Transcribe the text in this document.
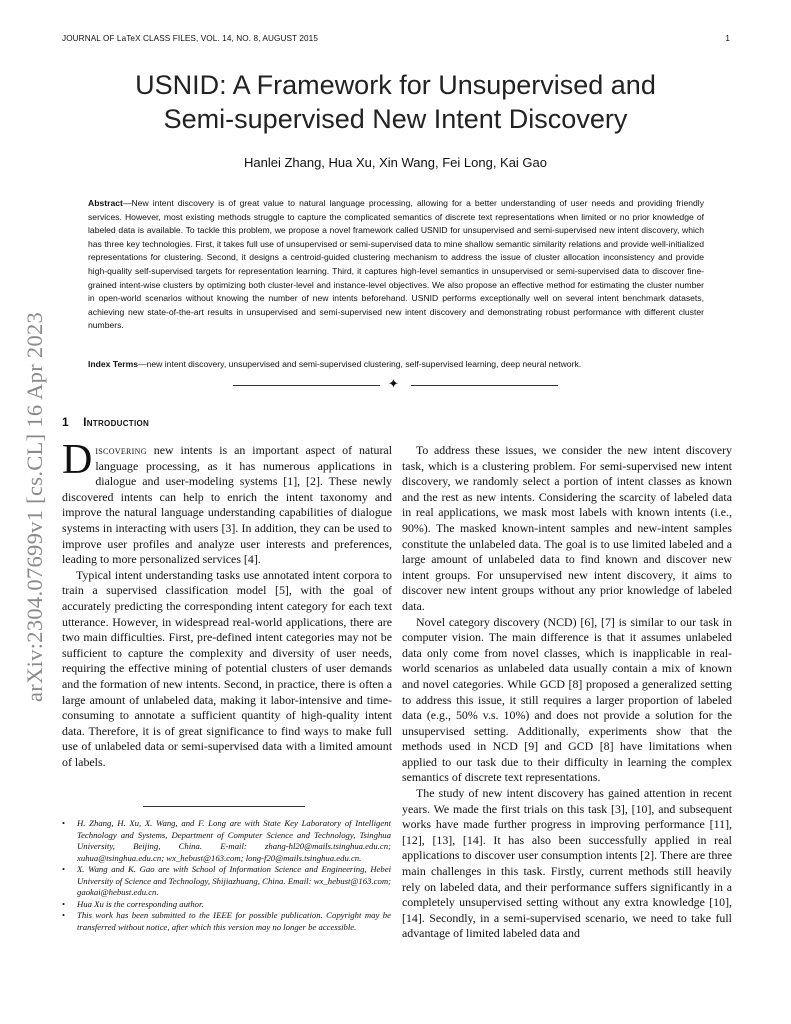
JOURNAL OF LaTeX CLASS FILES, VOL. 14, NO. 8, AUGUST 2015	1
arXiv:2304.07699v1 [cs.CL] 16 Apr 2023
USNID: A Framework for Unsupervised and
Semi-supervised New Intent Discovery
Hanlei Zhang, Hua Xu, Xin Wang, Fei Long, Kai Gao
Abstract—New intent discovery is of great value to natural language processing, allowing for a better understanding of user needs and providing friendly services. However, most existing methods struggle to capture the complicated semantics of discrete text representations when limited or no prior knowledge of labeled data is available. To tackle this problem, we propose a novel framework called USNID for unsupervised and semi-supervised new intent discovery, which has three key technologies. First, it takes full use of unsupervised or semi-supervised data to mine shallow semantic similarity relations and provide well-initialized representations for clustering. Second, it designs a centroid-guided clustering mechanism to address the issue of cluster allocation inconsistency and provide high-quality self-supervised targets for representation learning. Third, it captures high-level semantics in unsupervised or semi-supervised data to discover fine-grained intent-wise clusters by optimizing both cluster-level and instance-level objectives. We also propose an effective method for estimating the cluster number in open-world scenarios without knowing the number of new intents beforehand. USNID performs exceptionally well on several intent benchmark datasets, achieving new state-of-the-art results in unsupervised and semi-supervised new intent discovery and demonstrating robust performance with different cluster numbers.
Index Terms—new intent discovery, unsupervised and semi-supervised clustering, self-supervised learning, deep neural network.
✦
1 Introduction

Discovering new intents is an important aspect of natural language processing, as it has numerous applications in dialogue and user-modeling systems [1], [2]. These newly discovered intents can help to enrich the intent taxonomy and improve the natural language understanding capabilities of dialogue systems in interacting with users [3]. In addition, they can be used to improve user profiles and analyze user interests and preferences, leading to more personalized services [4].

Typical intent understanding tasks use annotated intent corpora to train a supervised classification model [5], with the goal of accurately predicting the corresponding intent category for each text utterance. However, in widespread real-world applications, there are two main difficulties. First, pre-defined intent categories may not be sufficient to capture the complexity and diversity of user needs, requiring the effective mining of potential clusters of user demands and the formation of new intents. Second, in practice, there is often a large amount of unlabeled data, making it labor-intensive and time-consuming to annotate a sufficient quantity of high-quality intent data. Therefore, it is of great significance to find ways to make full use of unlabeled data or semi-supervised data with a limited amount of labels.

• H. Zhang, H. Xu, X. Wang, and F. Long are with State Key Laboratory of Intelligent Technology and Systems, Department of Computer Science and Technology, Tsinghua University, Beijing, China. E-mail: zhang-hl20@mails.tsinghua.edu.cn; xuhua@tsinghua.edu.cn; wx_hebust@163.com; long-f20@mails.tsinghua.edu.cn.
• X. Wang and K. Gao are with School of Information Science and Engineering, Hebei University of Science and Technology, Shijiazhuang, China. Email: wx_hebust@163.com; gaokai@hebust.edu.cn.
• Hua Xu is the corresponding author.
• This work has been submitted to the IEEE for possible publication. Copyright may be transferred without notice, after which this version may no longer be accessible.

To address these issues, we consider the new intent discovery task, which is a clustering problem. For semi-supervised new intent discovery, we randomly select a portion of intent classes as known and the rest as new intents. Considering the scarcity of labeled data in real applications, we mask most labels with known intents (i.e., 90%). The masked known-intent samples and new-intent samples constitute the unlabeled data. The goal is to use limited labeled and a large amount of unlabeled data to find known and discover new intent groups. For unsupervised new intent discovery, it aims to discover new intent groups without any prior knowledge of labeled data.

Novel category discovery (NCD) [6], [7] is similar to our task in computer vision. The main difference is that it assumes unlabeled data only come from novel classes, which is inapplicable in real-world scenarios as unlabeled data usually contain a mix of known and novel categories. While GCD [8] proposed a generalized setting to address this issue, it still requires a larger proportion of labeled data (e.g., 50% v.s. 10%) and does not provide a solution for the unsupervised setting. Additionally, experiments show that the methods used in NCD [9] and GCD [8] have limitations when applied to our task due to their difficulty in learning the complex semantics of discrete text representations.

The study of new intent discovery has gained attention in recent years. We made the first trials on this task [3], [10], and subsequent works have made further progress in improving performance [11], [12], [13], [14]. It has also been successfully applied in real applications to discover user consumption intents [2]. There are three main challenges in this task. Firstly, current methods still heavily rely on labeled data, and their performance suffers significantly in a completely unsupervised setting without any extra knowledge [10], [14]. Secondly, in a semi-supervised scenario, we need to take full advantage of limited labeled data and
